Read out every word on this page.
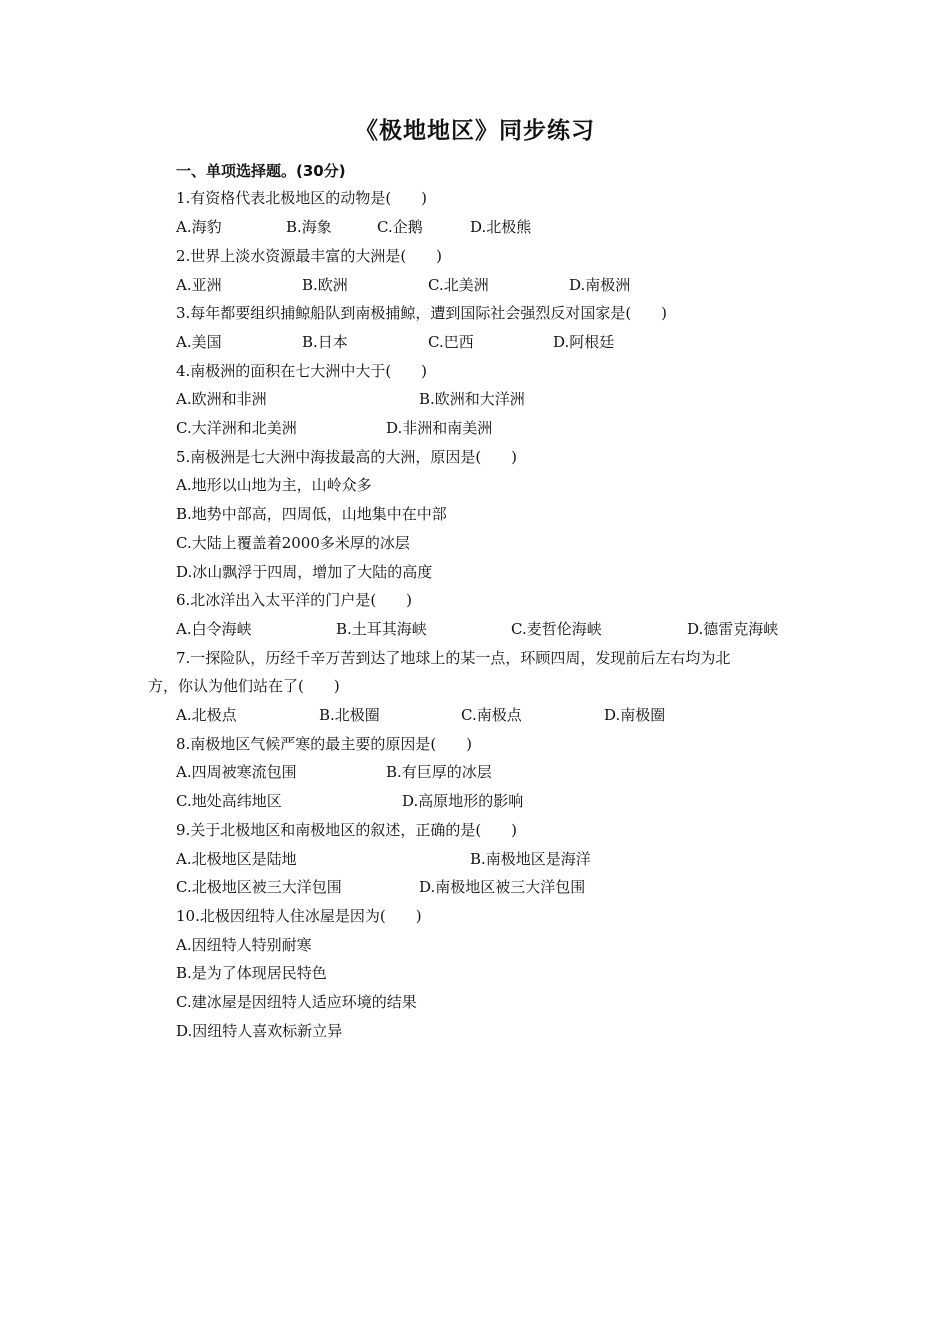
《极地地区》同步练习
一、单项选择题。(30分)
1.有资格代表北极地区的动物是(　　)
A.海豹	B.海象	C.企鹅	D.北极熊
2.世界上淡水资源最丰富的大洲是(　　)
A.亚洲	B.欧洲	C.北美洲	D.南极洲
3.每年都要组织捕鲸船队到南极捕鲸，遭到国际社会强烈反对国家是(　　)
A.美国	B.日本	C.巴西	D.阿根廷
4.南极洲的面积在七大洲中大于(　　)
A.欧洲和非洲	B.欧洲和大洋洲
C.大洋洲和北美洲	D.非洲和南美洲
5.南极洲是七大洲中海拔最高的大洲，原因是(　　)
A.地形以山地为主，山岭众多
B.地势中部高，四周低，山地集中在中部
C.大陆上覆盖着2000多米厚的冰层
D.冰山飘浮于四周，增加了大陆的高度
6.北冰洋出入太平洋的门户是(　　)
A.白令海峡	B.土耳其海峡	C.麦哲伦海峡	D.德雷克海峡
7.一探险队，历经千辛万苦到达了地球上的某一点，环顾四周，发现前后左右均为北
方，你认为他们站在了(　　)
A.北极点	B.北极圈	C.南极点	D.南极圈
8.南极地区气候严寒的最主要的原因是(　　)
A.四周被寒流包围	B.有巨厚的冰层
C.地处高纬地区	D.高原地形的影响
9.关于北极地区和南极地区的叙述，正确的是(　　)
A.北极地区是陆地	B.南极地区是海洋
C.北极地区被三大洋包围	D.南极地区被三大洋包围
10.北极因纽特人住冰屋是因为(　　)
A.因纽特人特别耐寒
B.是为了体现居民特色
C.建冰屋是因纽特人适应环境的结果
D.因纽特人喜欢标新立异
